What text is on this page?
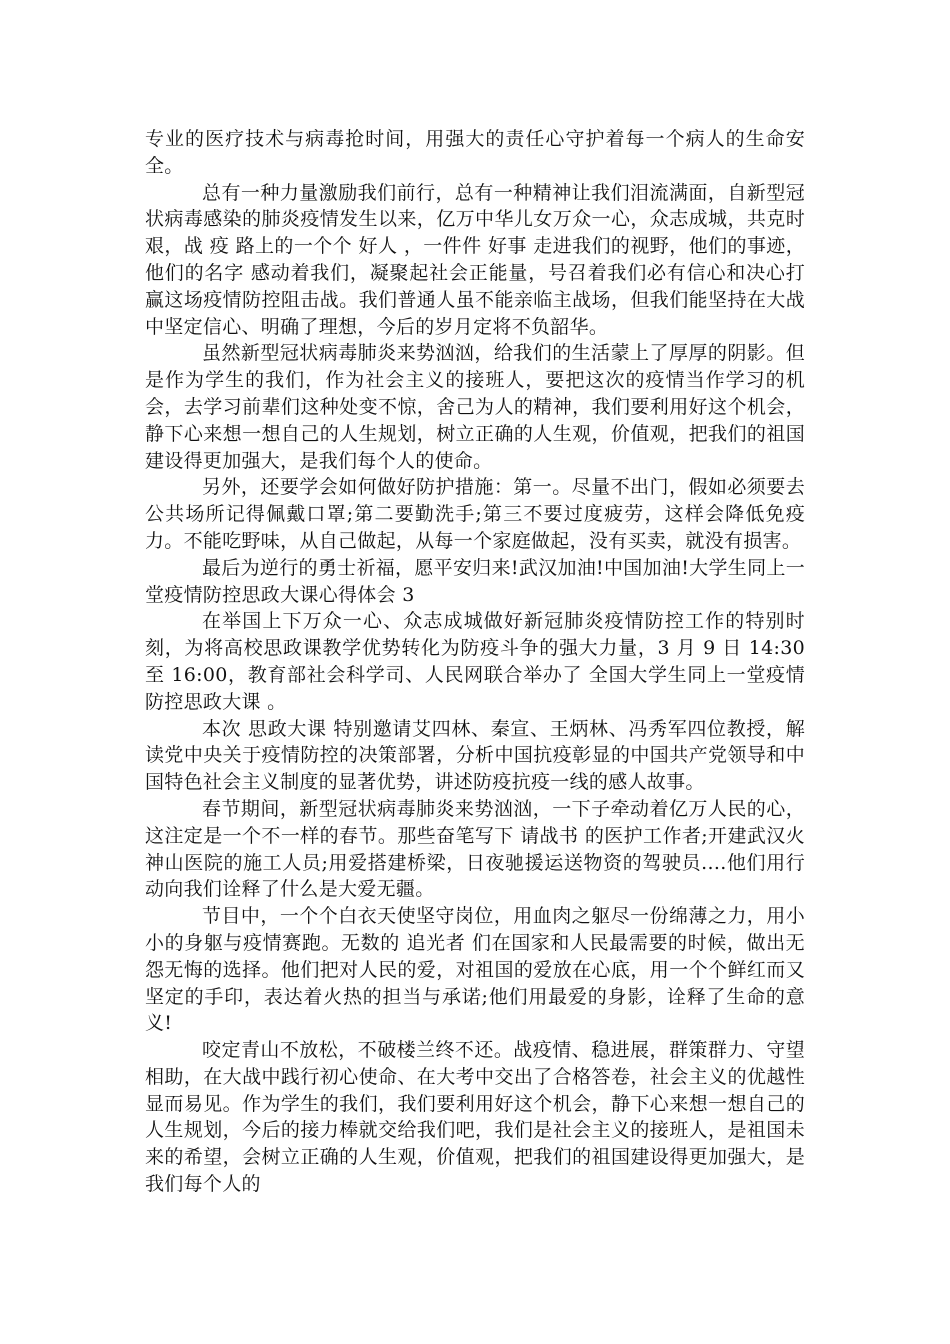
专业的医疗技术与病毒抢时间，用强大的责任心守护着每一个病人的生命安全。

总有一种力量激励我们前行，总有一种精神让我们泪流满面，自新型冠状病毒感染的肺炎疫情发生以来，亿万中华儿女万众一心，众志成城，共克时艰，战 疫 路上的一个个 好人 ，一件件 好事 走进我们的视野，他们的事迹，他们的名字 感动着我们，凝聚起社会正能量，号召着我们必有信心和决心打赢这场疫情防控阻击战。我们普通人虽不能亲临主战场，但我们能坚持在大战中坚定信心、明确了理想，今后的岁月定将不负韶华。

虽然新型冠状病毒肺炎来势汹汹，给我们的生活蒙上了厚厚的阴影。但是作为学生的我们，作为社会主义的接班人，要把这次的疫情当作学习的机会，去学习前辈们这种处变不惊，舍己为人的精神，我们要利用好这个机会，静下心来想一想自己的人生规划，树立正确的人生观，价值观，把我们的祖国建设得更加强大，是我们每个人的使命。

另外，还要学会如何做好防护措施：第一。尽量不出门，假如必须要去公共场所记得佩戴口罩;第二要勤洗手;第三不要过度疲劳，这样会降低免疫力。不能吃野味，从自己做起，从每一个家庭做起，没有买卖，就没有损害。

最后为逆行的勇士祈福，愿平安归来!武汉加油!中国加油!大学生同上一堂疫情防控思政大课心得体会 3

在举国上下万众一心、众志成城做好新冠肺炎疫情防控工作的特别时刻，为将高校思政课教学优势转化为防疫斗争的强大力量，3 月 9 日 14:30 至 16:00，教育部社会科学司、人民网联合举办了 全国大学生同上一堂疫情防控思政大课 。

本次 思政大课 特别邀请艾四林、秦宣、王炳林、冯秀军四位教授，解读党中央关于疫情防控的决策部署，分析中国抗疫彰显的中国共产党领导和中国特色社会主义制度的显著优势，讲述防疫抗疫一线的感人故事。

春节期间，新型冠状病毒肺炎来势汹汹，一下子牵动着亿万人民的心，这注定是一个不一样的春节。那些奋笔写下 请战书 的医护工作者;开建武汉火神山医院的施工人员;用爱搭建桥梁，日夜驰援运送物资的驾驶员....他们用行动向我们诠释了什么是大爱无疆。

节目中，一个个白衣天使坚守岗位，用血肉之躯尽一份绵薄之力，用小小的身躯与疫情赛跑。无数的 追光者 们在国家和人民最需要的时候，做出无怨无悔的选择。他们把对人民的爱，对祖国的爱放在心底，用一个个鲜红而又坚定的手印，表达着火热的担当与承诺;他们用最爱的身影，诠释了生命的意义!

咬定青山不放松，不破楼兰终不还。战疫情、稳进展，群策群力、守望相助，在大战中践行初心使命、在大考中交出了合格答卷，社会主义的优越性显而易见。作为学生的我们，我们要利用好这个机会，静下心来想一想自己的人生规划，今后的接力棒就交给我们吧，我们是社会主义的接班人，是祖国未来的希望，会树立正确的人生观，价值观，把我们的祖国建设得更加强大，是我们每个人的
